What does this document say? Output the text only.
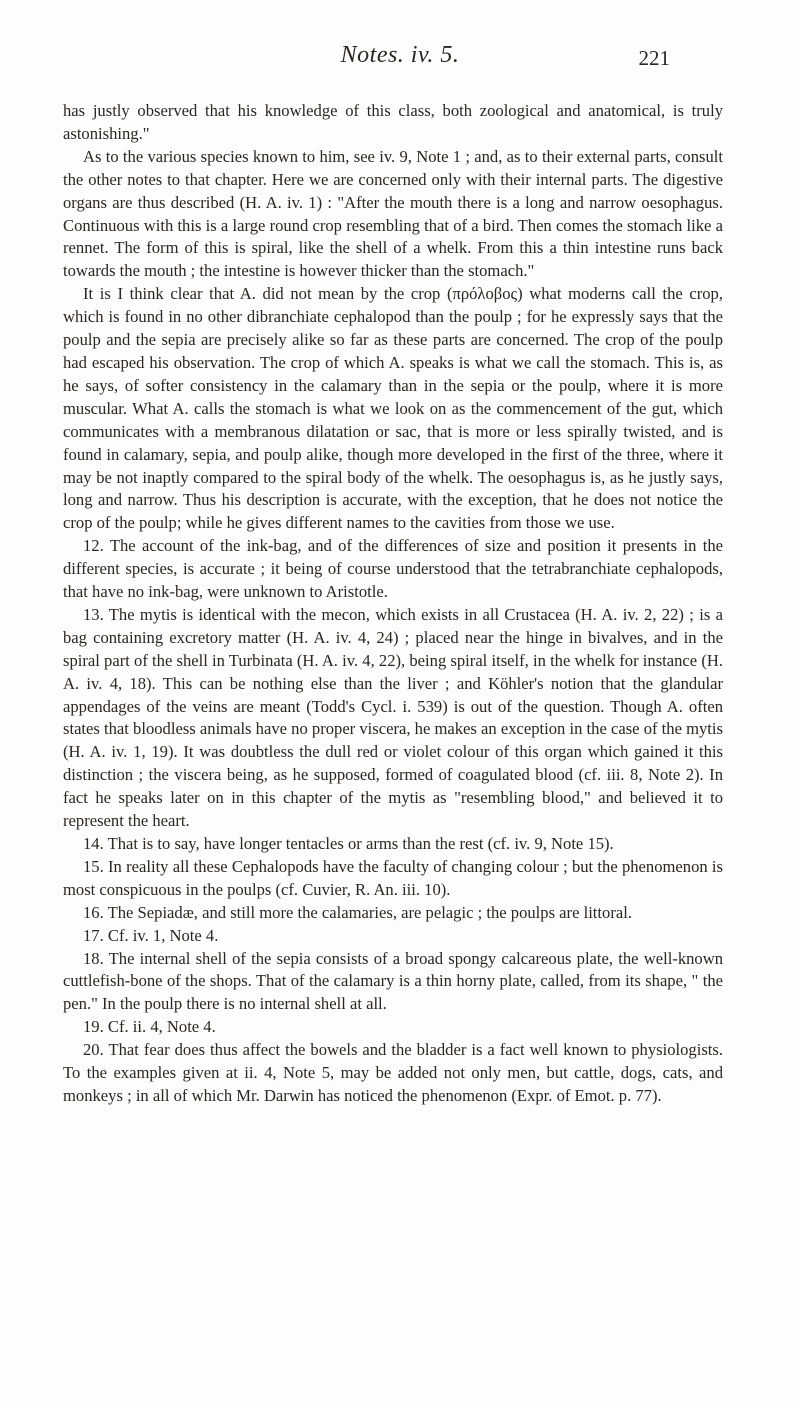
Notes. iv. 5.	221

has justly observed that his knowledge of this class, both zoological and anatomical, is truly astonishing."

As to the various species known to him, see iv. 9, Note 1 ; and, as to their external parts, consult the other notes to that chapter. Here we are concerned only with their internal parts. The digestive organs are thus described (H. A. iv. 1) : "After the mouth there is a long and narrow oesophagus. Continuous with this is a large round crop resembling that of a bird. Then comes the stomach like a rennet. The form of this is spiral, like the shell of a whelk. From this a thin intestine runs back towards the mouth ; the intestine is however thicker than the stomach."

It is I think clear that A. did not mean by the crop (πρόλοβος) what moderns call the crop, which is found in no other dibranchiate cephalopod than the poulp ; for he expressly says that the poulp and the sepia are precisely alike so far as these parts are concerned. The crop of the poulp had escaped his observation. The crop of which A. speaks is what we call the stomach. This is, as he says, of softer consistency in the calamary than in the sepia or the poulp, where it is more muscular. What A. calls the stomach is what we look on as the commencement of the gut, which communicates with a membranous dilatation or sac, that is more or less spirally twisted, and is found in calamary, sepia, and poulp alike, though more developed in the first of the three, where it may be not inaptly compared to the spiral body of the whelk. The oesophagus is, as he justly says, long and narrow. Thus his description is accurate, with the exception, that he does not notice the crop of the poulp; while he gives different names to the cavities from those we use.

12. The account of the ink-bag, and of the differences of size and position it presents in the different species, is accurate ; it being of course understood that the tetrabranchiate cephalopods, that have no ink-bag, were unknown to Aristotle.

13. The mytis is identical with the mecon, which exists in all Crustacea (H. A. iv. 2, 22) ; is a bag containing excretory matter (H. A. iv. 4, 24) ; placed near the hinge in bivalves, and in the spiral part of the shell in Turbinata (H. A. iv. 4, 22), being spiral itself, in the whelk for instance (H. A. iv. 4, 18). This can be nothing else than the liver ; and Köhler's notion that the glandular appendages of the veins are meant (Todd's Cycl. i. 539) is out of the question. Though A. often states that bloodless animals have no proper viscera, he makes an exception in the case of the mytis (H. A. iv. 1, 19). It was doubtless the dull red or violet colour of this organ which gained it this distinction ; the viscera being, as he supposed, formed of coagulated blood (cf. iii. 8, Note 2). In fact he speaks later on in this chapter of the mytis as "resembling blood," and believed it to represent the heart.

14. That is to say, have longer tentacles or arms than the rest (cf. iv. 9, Note 15).

15. In reality all these Cephalopods have the faculty of changing colour ; but the phenomenon is most conspicuous in the poulps (cf. Cuvier, R. An. iii. 10).

16. The Sepiadæ, and still more the calamaries, are pelagic ; the poulps are littoral.

17. Cf. iv. 1, Note 4.

18. The internal shell of the sepia consists of a broad spongy calcareous plate, the well-known cuttlefish-bone of the shops. That of the calamary is a thin horny plate, called, from its shape, " the pen." In the poulp there is no internal shell at all.

19. Cf. ii. 4, Note 4.

20. That fear does thus affect the bowels and the bladder is a fact well known to physiologists. To the examples given at ii. 4, Note 5, may be added not only men, but cattle, dogs, cats, and monkeys ; in all of which Mr. Darwin has noticed the phenomenon (Expr. of Emot. p. 77).
